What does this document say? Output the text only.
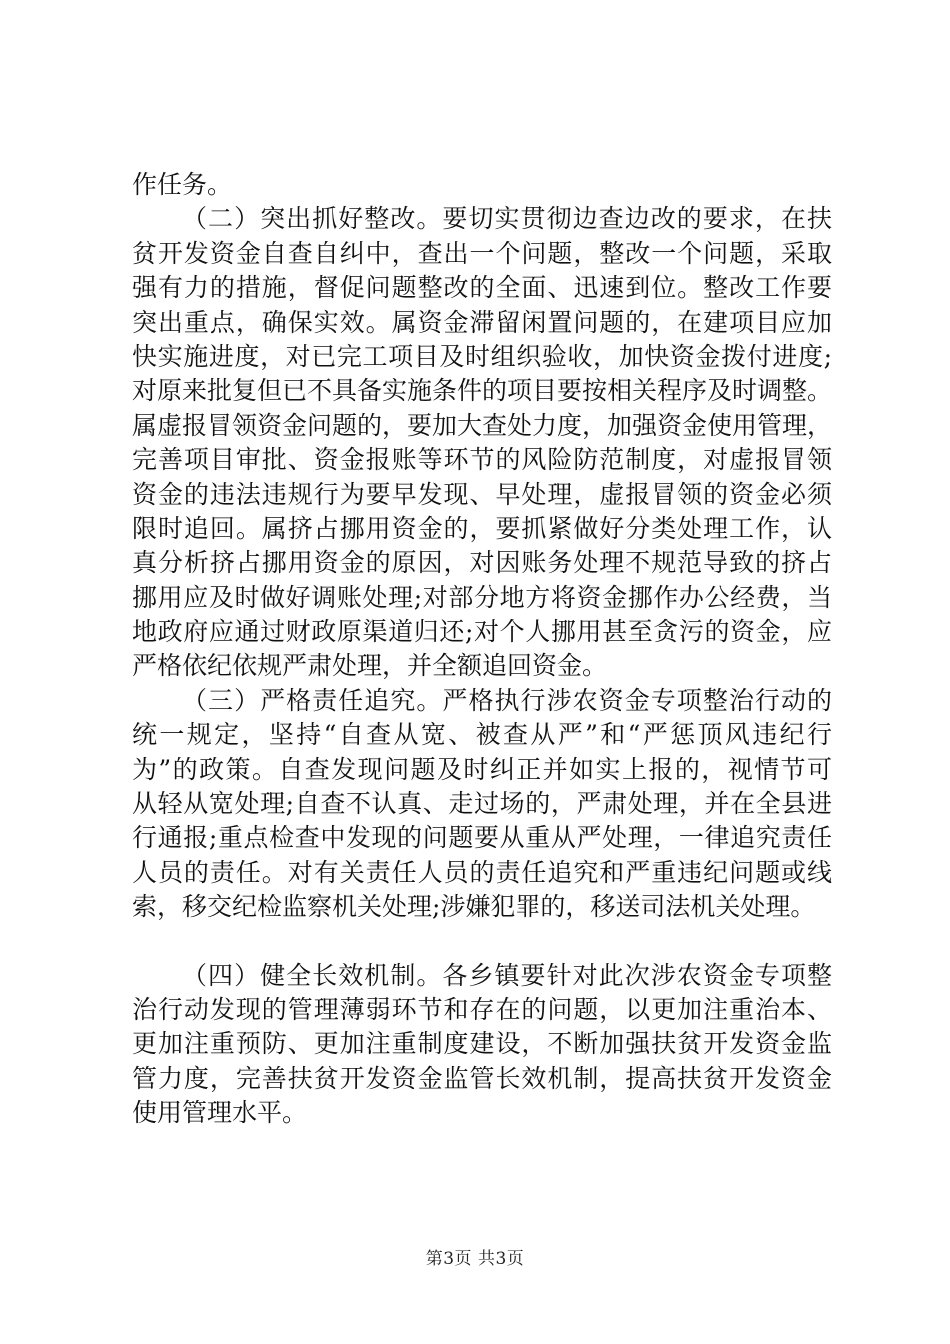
作任务。
（二）突出抓好整改。要切实贯彻边查边改的要求，在扶
贫开发资金自查自纠中，查出一个问题，整改一个问题，采取
强有力的措施，督促问题整改的全面、迅速到位。整改工作要
突出重点，确保实效。属资金滞留闲置问题的，在建项目应加
快实施进度，对已完工项目及时组织验收，加快资金拨付进度;
对原来批复但已不具备实施条件的项目要按相关程序及时调整。
属虚报冒领资金问题的，要加大查处力度，加强资金使用管理，
完善项目审批、资金报账等环节的风险防范制度，对虚报冒领
资金的违法违规行为要早发现、早处理，虚报冒领的资金必须
限时追回。属挤占挪用资金的，要抓紧做好分类处理工作，认
真分析挤占挪用资金的原因，对因账务处理不规范导致的挤占
挪用应及时做好调账处理;对部分地方将资金挪作办公经费，当
地政府应通过财政原渠道归还;对个人挪用甚至贪污的资金，应
严格依纪依规严肃处理，并全额追回资金。
（三）严格责任追究。严格执行涉农资金专项整治行动的
统一规定，坚持“自查从宽、被查从严”和“严惩顶风违纪行
为”的政策。自查发现问题及时纠正并如实上报的，视情节可
从轻从宽处理;自查不认真、走过场的，严肃处理，并在全县进
行通报;重点检查中发现的问题要从重从严处理，一律追究责任
人员的责任。对有关责任人员的责任追究和严重违纪问题或线
索，移交纪检监察机关处理;涉嫌犯罪的，移送司法机关处理。
（四）健全长效机制。各乡镇要针对此次涉农资金专项整
治行动发现的管理薄弱环节和存在的问题，以更加注重治本、
更加注重预防、更加注重制度建设，不断加强扶贫开发资金监
管力度，完善扶贫开发资金监管长效机制，提高扶贫开发资金
使用管理水平。
第3页 共3页
